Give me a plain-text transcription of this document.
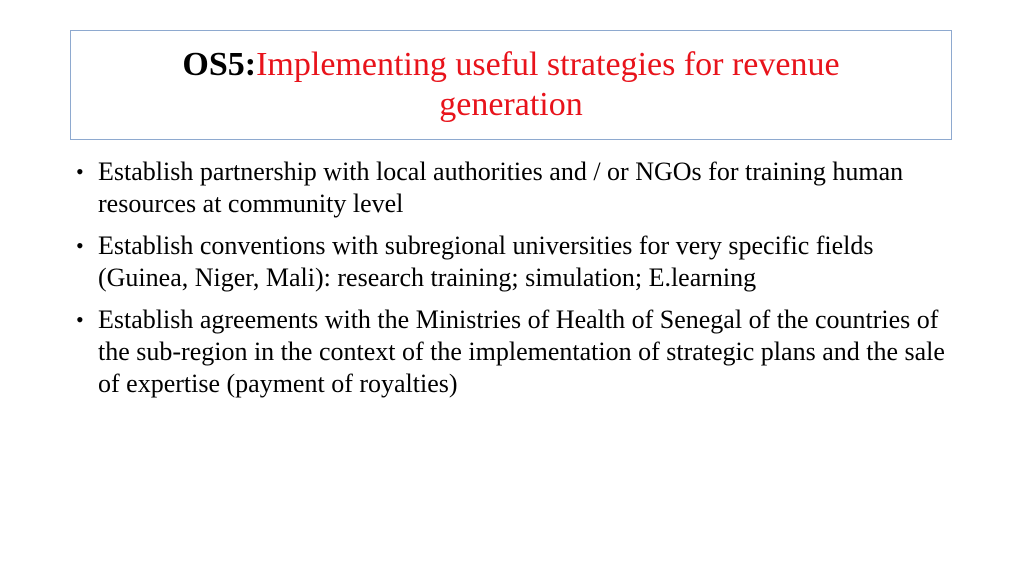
OS5:Implementing useful strategies for revenue generation
• Establish partnership with local authorities and / or NGOs for training human resources at community level
• Establish conventions with subregional universities for very specific fields (Guinea, Niger, Mali): research training; simulation; E.learning
• Establish agreements with the Ministries of Health of Senegal of the countries of the sub-region in the context of the implementation of strategic plans and the sale of expertise (payment of royalties)
